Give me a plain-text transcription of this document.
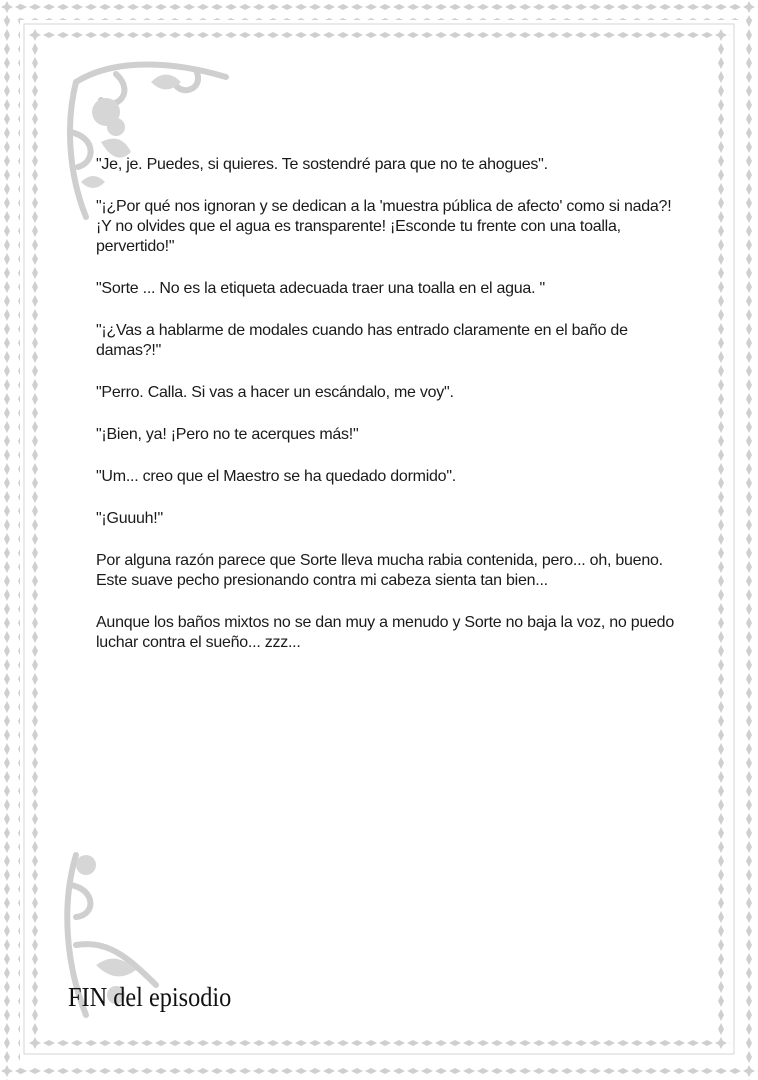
"Je, je. Puedes, si quieres. Te sostendré para que no te ahogues".

"¡¿Por qué nos ignoran y se dedican a la 'muestra pública de afecto' como si nada?! ¡Y no olvides que el agua es transparente! ¡Esconde tu frente con una toalla, pervertido!"

"Sorte ... No es la etiqueta adecuada traer una toalla en el agua. "

"¡¿Vas a hablarme de modales cuando has entrado claramente en el baño de damas?!"

"Perro. Calla. Si vas a hacer un escándalo, me voy".

"¡Bien, ya! ¡Pero no te acerques más!"

"Um... creo que el Maestro se ha quedado dormido".

"¡Guuuh!"

Por alguna razón parece que Sorte lleva mucha rabia contenida, pero... oh, bueno. Este suave pecho presionando contra mi cabeza sienta tan bien...

Aunque los baños mixtos no se dan muy a menudo y Sorte no baja la voz, no puedo luchar contra el sueño... zzz...

FIN del episodio
